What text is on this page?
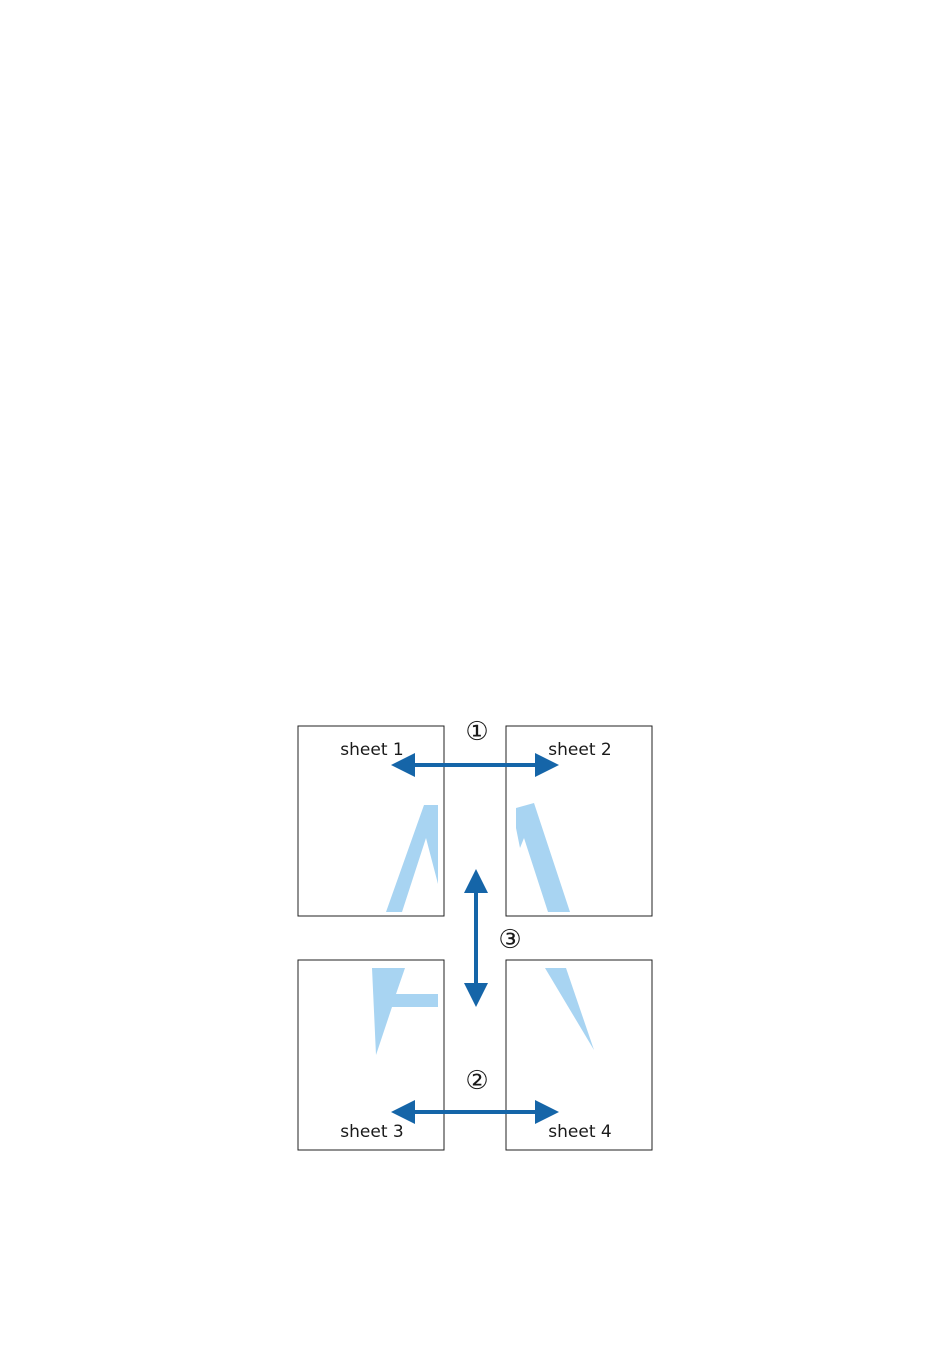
sheet 1	sheet 2
sheet 3	sheet 4
①
②
③
